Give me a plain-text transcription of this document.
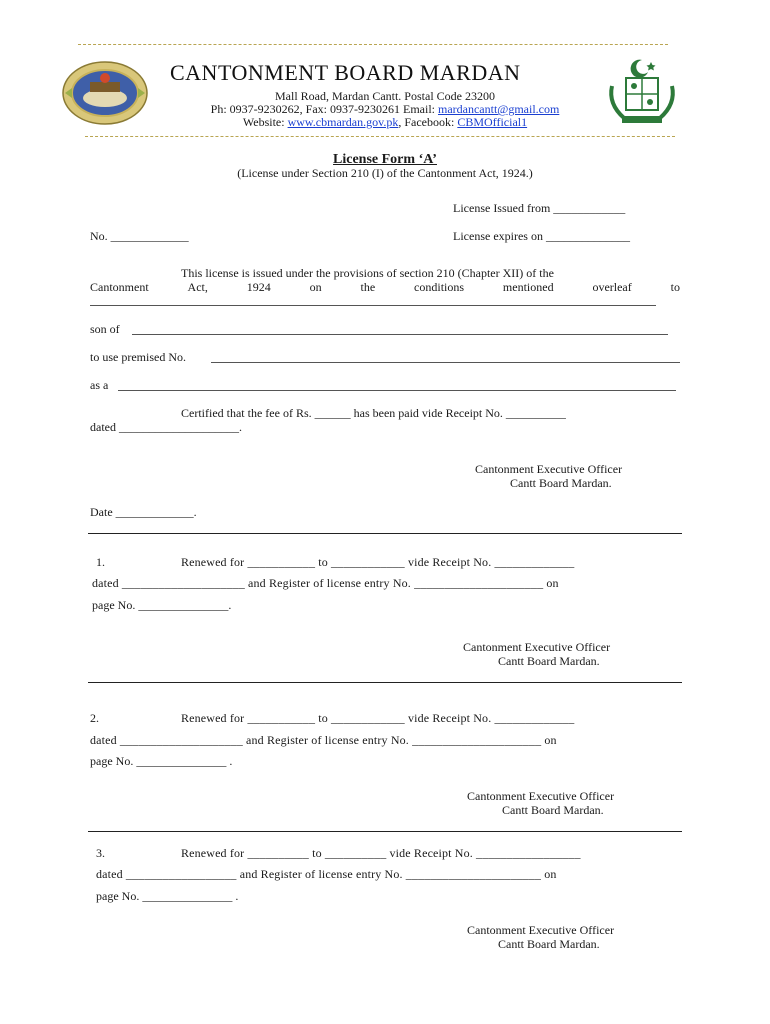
CANTONMENT BOARD MARDAN
Mall Road, Mardan Cantt. Postal Code 23200
Ph: 0937-9230262, Fax: 0937-9230261 Email: mardancantt@gmail.com
Website: www.cbmardan.gov.pk, Facebook: CBMOfficial1
License Form ‘A’
(License under Section 210 (I) of the Cantonment Act, 1924.)
License Issued from ____________
No. _____________	License expires on ______________
This license is issued under the provisions of section 210 (Chapter XII) of the
Cantonment	Act,	1924	on	the	conditions	mentioned	overleaf	to
son of
to use premised No.
as a
Certified that the fee of Rs. ______ has been paid vide Receipt No. __________
dated ____________________.
Cantonment Executive Officer
Cantt Board Mardan.
Date _____________.
1.	Renewed for ___________ to ____________ vide Receipt No. _____________
dated ____________________ and Register of license entry No. _____________________ on
page No. _______________.
Cantonment Executive Officer
Cantt Board Mardan.
2.	Renewed for ___________ to ____________ vide Receipt No. _____________
dated ____________________ and Register of license entry No. _____________________ on
page No. _______________ .
Cantonment Executive Officer
Cantt Board Mardan.
3.	Renewed for __________ to __________ vide Receipt No. _________________
dated __________________ and Register of license entry No. ______________________ on
page No. _______________ .
Cantonment Executive Officer
Cantt Board Mardan.
